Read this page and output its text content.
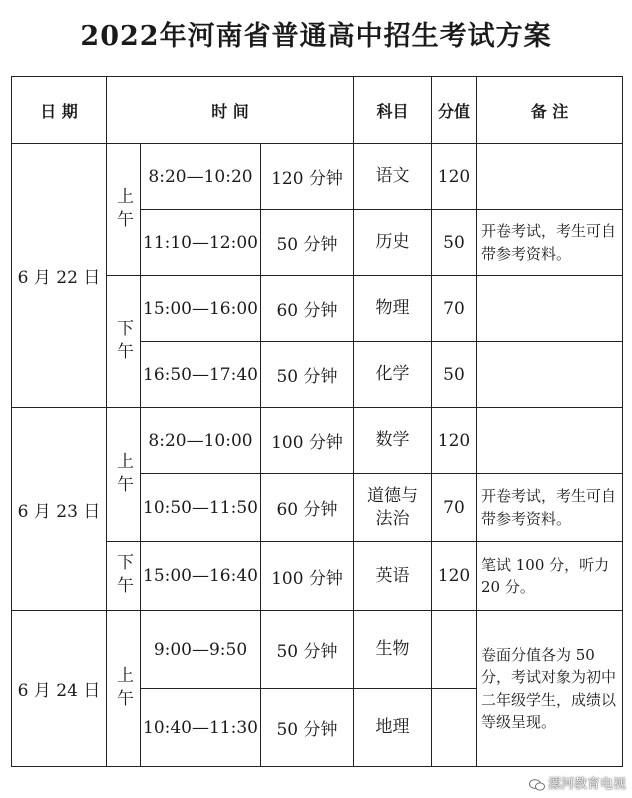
2022年河南省普通高中招生考试方案
日 期	时 间			科目	分值	备 注
6 月 22 日	上午	8:20—10:20	120 分钟	语文	120	
		11:10—12:00	50 分钟	历史	50	开卷考试，考生可自带参考资料。
	下午	15:00—16:00	60 分钟	物理	70	
		16:50—17:40	50 分钟	化学	50	
6 月 23 日	上午	8:20—10:00	100 分钟	数学	120	
		10:50—11:50	60 分钟	道德与法治	70	开卷考试，考生可自带参考资料。
	下午	15:00—16:40	100 分钟	英语	120	笔试 100 分，听力 20 分。
6 月 24 日	上午	9:00—9:50	50 分钟	生物		卷面分值各为 50 分，考试对象为初中二年级学生，成绩以等级呈现。
		10:40—11:30	50 分钟	地理		
漯河教育电视
